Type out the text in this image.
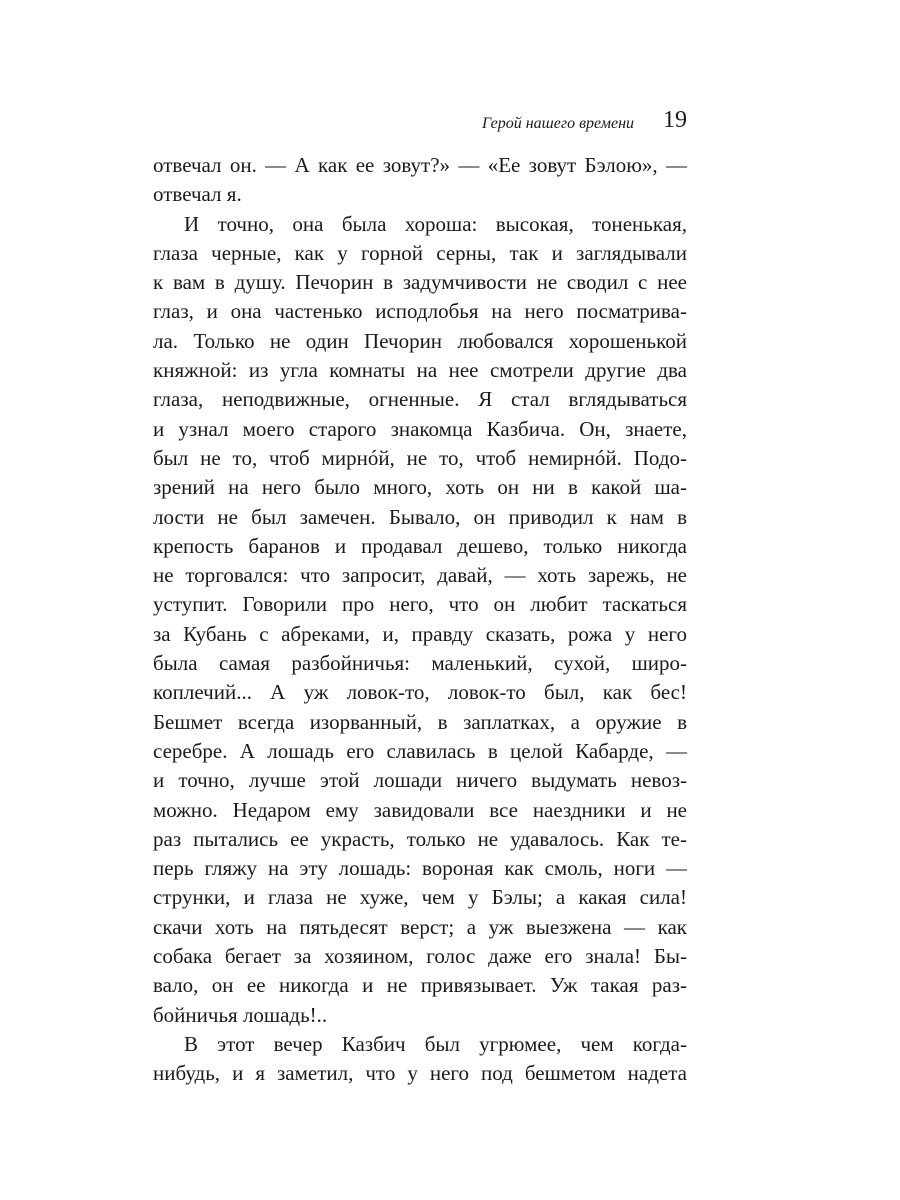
Герой нашего времени 19
отвечал он. — А как ее зовут?» — «Ее зовут Бэлою», —
отвечал я.
И точно, она была хороша: высокая, тоненькая,
глаза черные, как у горной серны, так и заглядывали
к вам в душу. Печорин в задумчивости не сводил с нее
глаз, и она частенько исподлобья на него посматрива-
ла. Только не один Печорин любовался хорошенькой
княжной: из угла комнаты на нее смотрели другие два
глаза, неподвижные, огненные. Я стал вглядываться
и узнал моего старого знакомца Казбича. Он, знаете,
был не то, чтоб мирнóй, не то, чтоб немирнóй. Подо-
зрений на него было много, хоть он ни в какой ша-
лости не был замечен. Бывало, он приводил к нам в
крепость баранов и продавал дешево, только никогда
не торговался: что запросит, давай, — хоть зарежь, не
уступит. Говорили про него, что он любит таскаться
за Кубань с абреками, и, правду сказать, рожа у него
была самая разбойничья: маленький, сухой, широ-
коплечий... А уж ловок-то, ловок-то был, как бес!
Бешмет всегда изорванный, в заплатках, а оружие в
серебре. А лошадь его славилась в целой Кабарде, —
и точно, лучше этой лошади ничего выдумать невоз-
можно. Недаром ему завидовали все наездники и не
раз пытались ее украсть, только не удавалось. Как те-
перь гляжу на эту лошадь: вороная как смоль, ноги —
струнки, и глаза не хуже, чем у Бэлы; а какая сила!
скачи хоть на пятьдесят верст; а уж выезжена — как
собака бегает за хозяином, голос даже его знала! Бы-
вало, он ее никогда и не привязывает. Уж такая раз-
бойничья лошадь!..
В этот вечер Казбич был угрюмее, чем когда-
нибудь, и я заметил, что у него под бешметом надета
